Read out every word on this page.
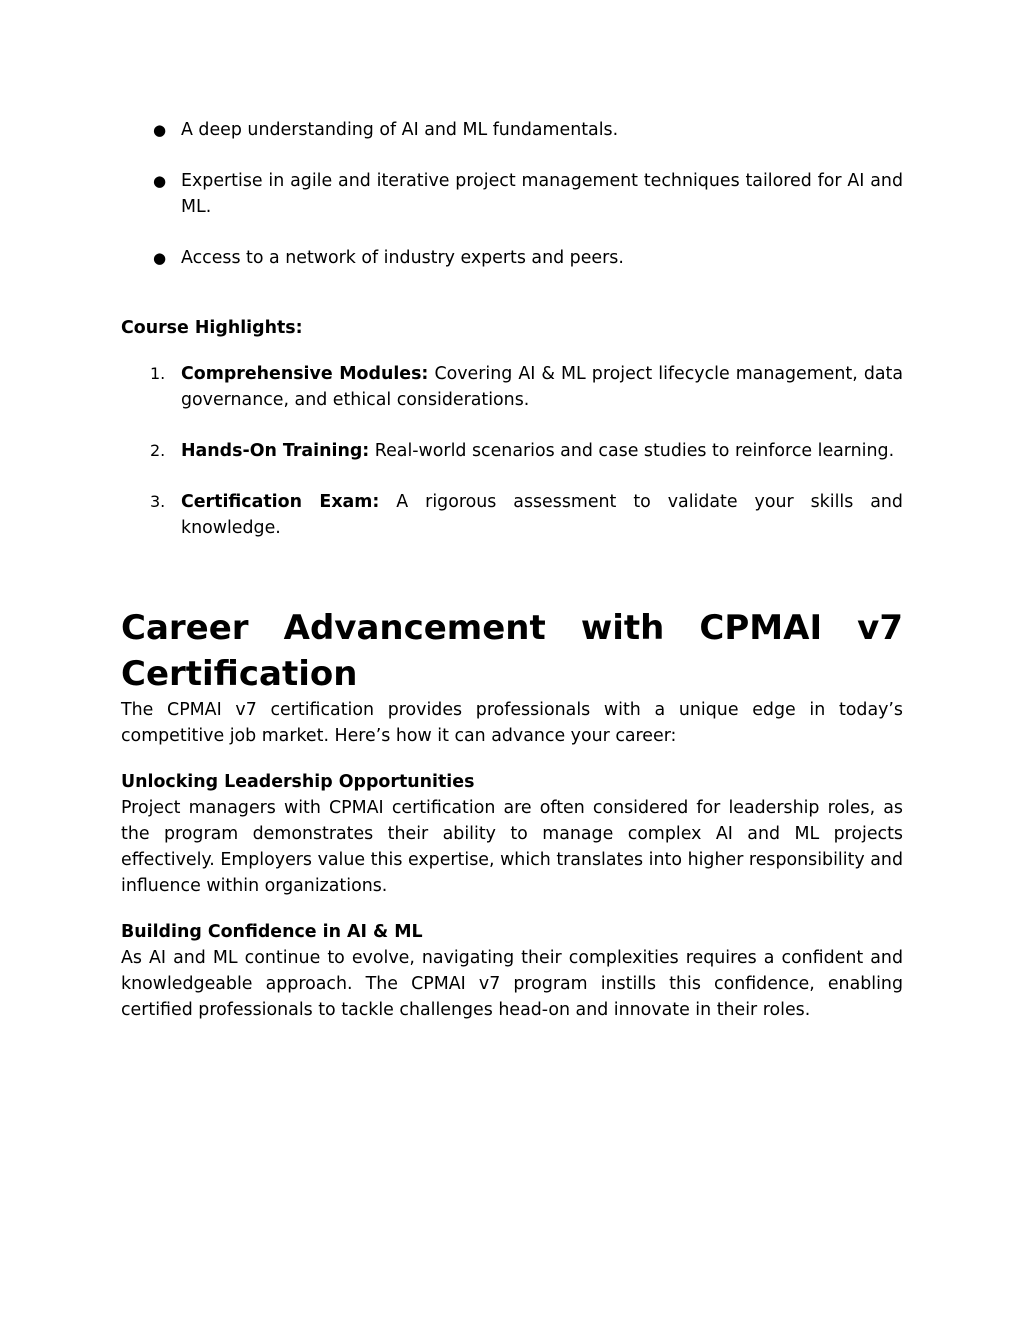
● A deep understanding of AI and ML fundamentals.
● Expertise in agile and iterative project management techniques tailored for AI and ML.
● Access to a network of industry experts and peers.

Course Highlights:

1. Comprehensive Modules: Covering AI & ML project lifecycle management, data governance, and ethical considerations.
2. Hands-On Training: Real-world scenarios and case studies to reinforce learning.
3. Certification Exam: A rigorous assessment to validate your skills and knowledge.
Career Advancement with CPMAI v7
Certification

The CPMAI v7 certification provides professionals with a unique edge in today’s competitive job market. Here’s how it can advance your career:

Unlocking Leadership Opportunities

Project managers with CPMAI certification are often considered for leadership roles, as the program demonstrates their ability to manage complex AI and ML projects effectively. Employers value this expertise, which translates into higher responsibility and influence within organizations.

Building Confidence in AI & ML

As AI and ML continue to evolve, navigating their complexities requires a confident and knowledgeable approach. The CPMAI v7 program instills this confidence, enabling certified professionals to tackle challenges head-on and innovate in their roles.
